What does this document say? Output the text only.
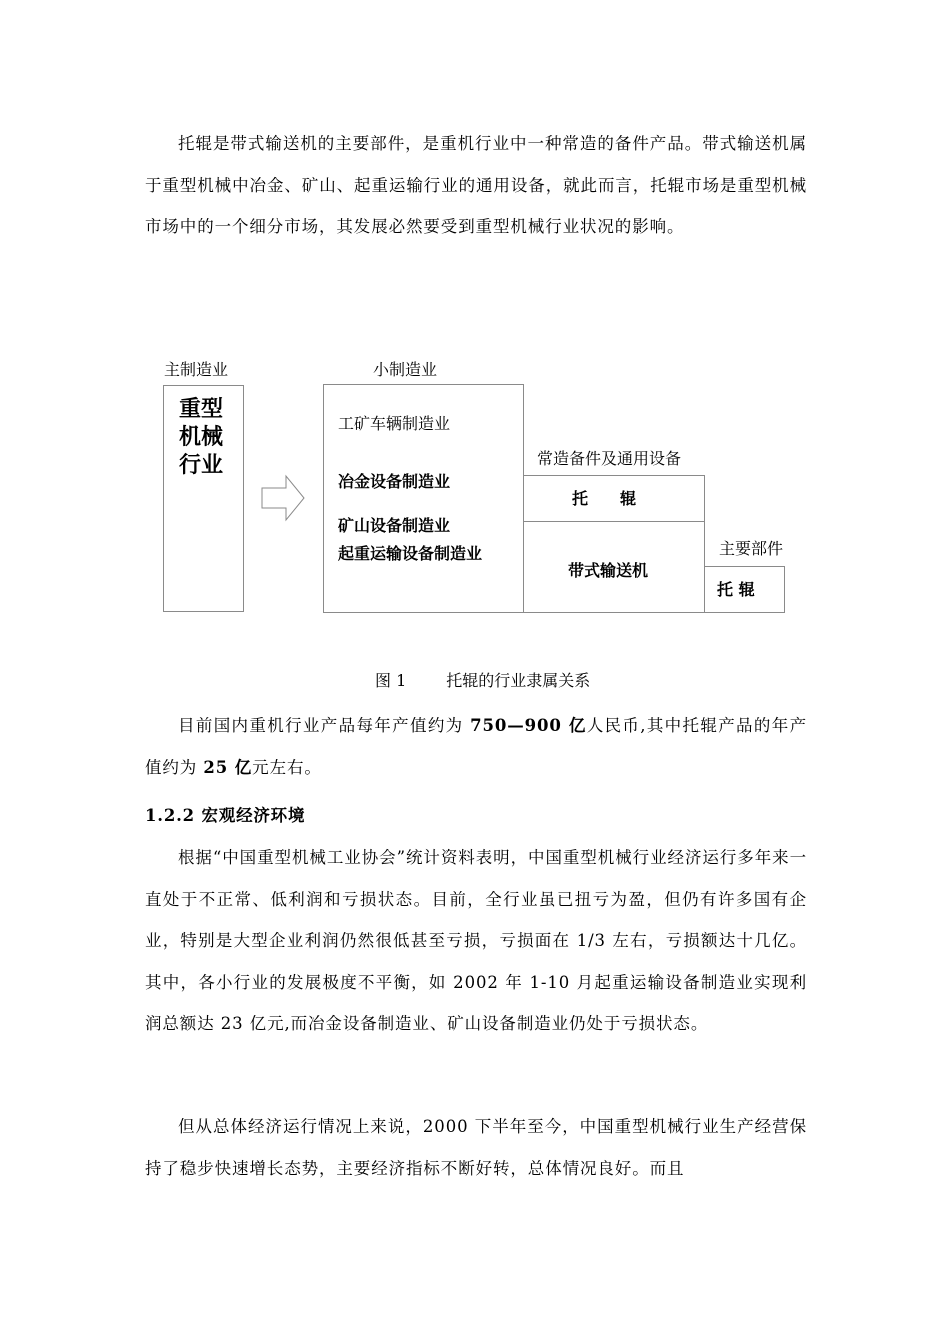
托辊是带式输送机的主要部件，是重机行业中一种常造的备件产品。带式输送机属于重型机械中冶金、矿山、起重运输行业的通用设备，就此而言，托辊市场是重型机械市场中的一个细分市场，其发展必然要受到重型机械行业状况的影响。

主制造业
重型
机械
行业
小制造业
工矿车辆制造业
冶金设备制造业
矿山设备制造业
起重运输设备制造业
常造备件及通用设备
托　　辊
带式输送机
主要部件
托 辊
图 1	托辊的行业隶属关系

目前国内重机行业产品每年产值约为 750—900 亿人民币,其中托辊产品的年产值约为 25 亿元左右。

1.2.2 宏观经济环境

根据“中国重型机械工业协会”统计资料表明，中国重型机械行业经济运行多年来一直处于不正常、低利润和亏损状态。目前，全行业虽已扭亏为盈，但仍有许多国有企业，特别是大型企业利润仍然很低甚至亏损，亏损面在 1/3 左右，亏损额达十几亿。其中，各小行业的发展极度不平衡，如 2002 年 1-10 月起重运输设备制造业实现利润总额达 23 亿元,而冶金设备制造业、矿山设备制造业仍处于亏损状态。

但从总体经济运行情况上来说，2000 下半年至今，中国重型机械行业生产经营保持了稳步快速增长态势，主要经济指标不断好转，总体情况良好。而且
